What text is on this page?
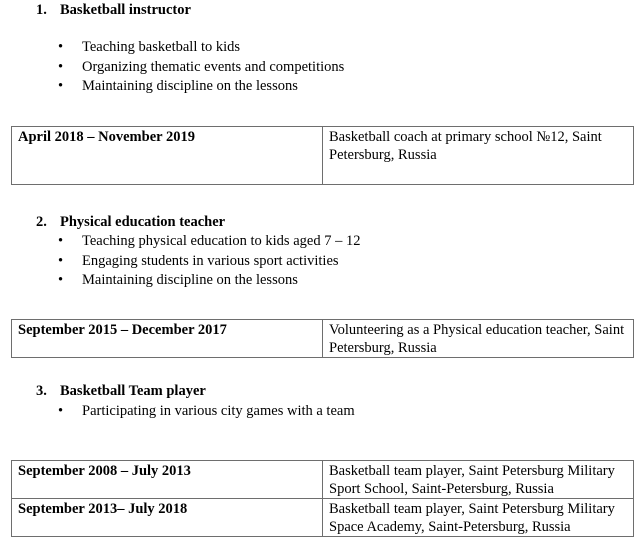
1. Basketball instructor
• Teaching basketball to kids
• Organizing thematic events and competitions
• Maintaining discipline on the lessons
April 2018 – November 2019	Basketball coach at primary school №12, Saint Petersburg, Russia
2. Physical education teacher
• Teaching physical education to kids aged 7 – 12
• Engaging students in various sport activities
• Maintaining discipline on the lessons
September 2015 – December 2017	Volunteering as a Physical education teacher, Saint Petersburg, Russia
3. Basketball Team player
• Participating in various city games with a team
September 2008 – July 2013	Basketball team player, Saint Petersburg Military Sport School, Saint-Petersburg, Russia
September 2013– July 2018	Basketball team player, Saint Petersburg Military Space Academy, Saint-Petersburg, Russia
